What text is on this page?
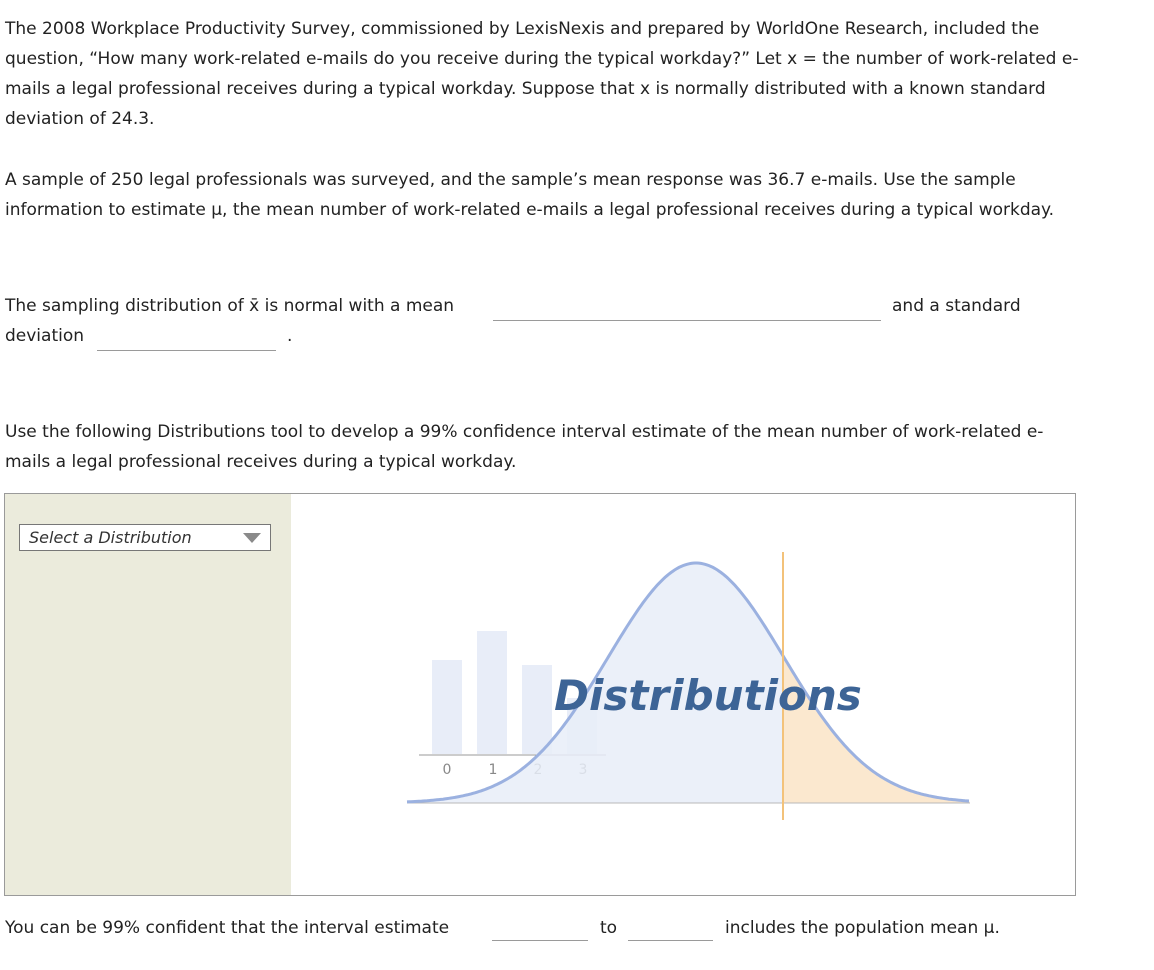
The 2008 Workplace Productivity Survey, commissioned by LexisNexis and prepared by WorldOne Research, included the question, “How many work-related e-mails do you receive during the typical workday?” Let x = the number of work-related e-mails a legal professional receives during a typical workday. Suppose that x is normally distributed with a known standard deviation of 24.3.

A sample of 250 legal professionals was surveyed, and the sample’s mean response was 36.7 e-mails. Use the sample information to estimate μ, the mean number of work-related e-mails a legal professional receives during a typical workday.

The sampling distribution of x̄ is normal with a mean	and a standard
deviation	.

Use the following Distributions tool to develop a 99% confidence interval estimate of the mean number of work-related e-mails a legal professional receives during a typical workday.

Select a Distribution
0	1
Distributions
You can be 99% confident that the interval estimate	to	includes the population mean μ.
